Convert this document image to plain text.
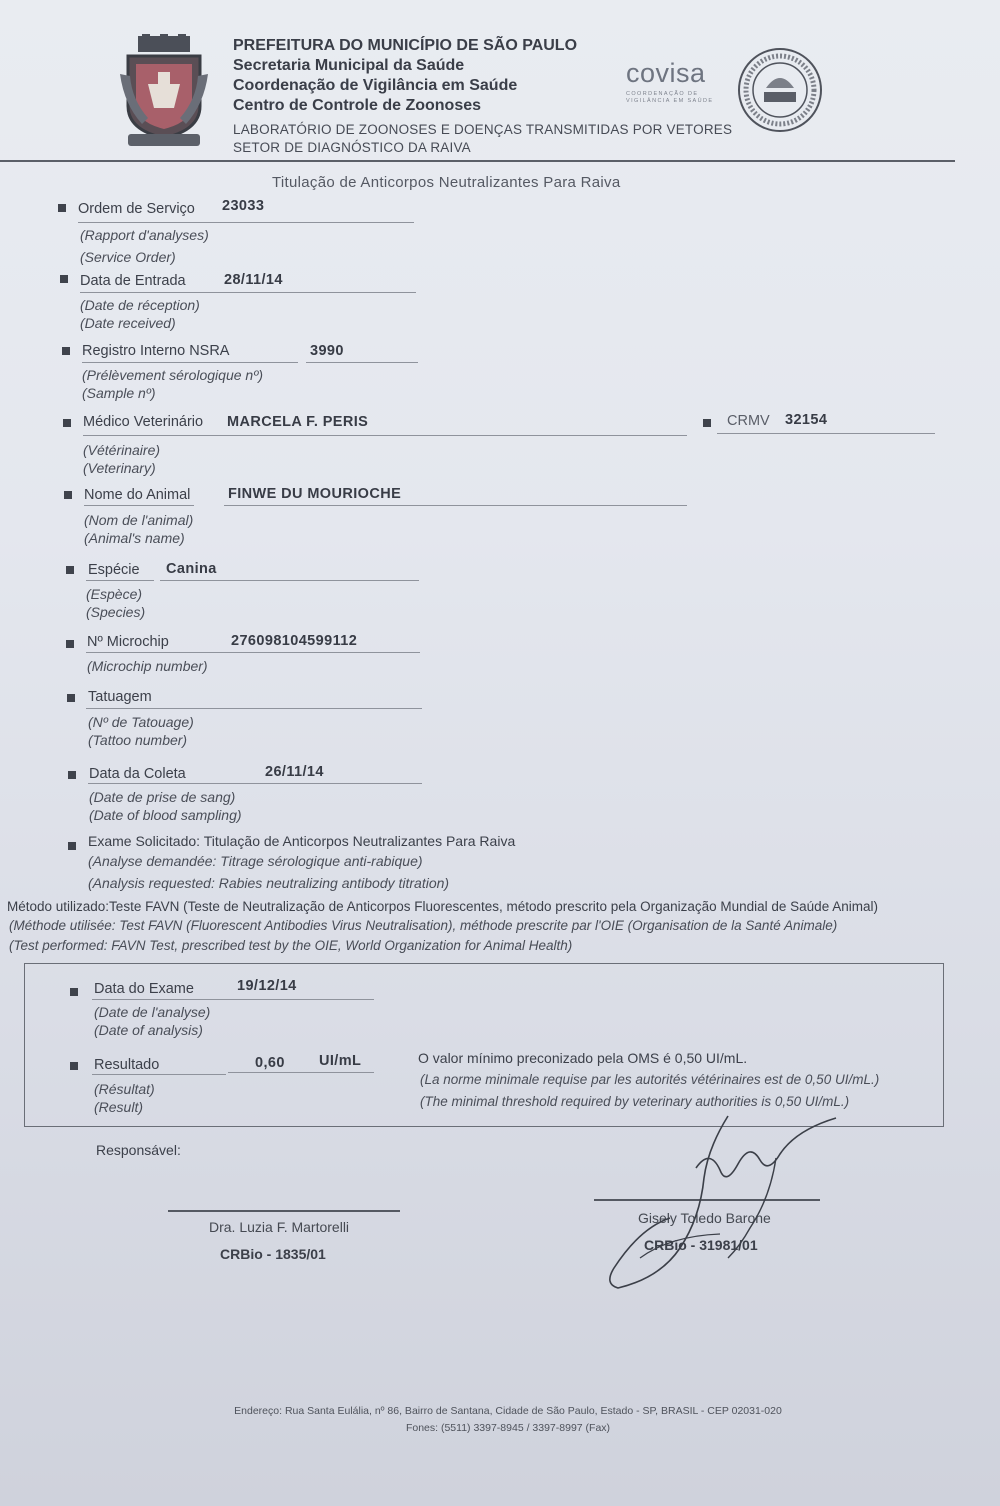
PREFEITURA DO MUNICÍPIO DE SÃO PAULO
Secretaria Municipal da Saúde
Coordenação de Vigilância em Saúde
Centro de Controle de Zoonoses
LABORATÓRIO DE ZOONOSES E DOENÇAS TRANSMITIDAS POR VETORES
SETOR DE DIAGNÓSTICO DA RAIVA
covisa
COORDENAÇÃO DE
VIGILÂNCIA EM SAÚDE
Titulação de Anticorpos Neutralizantes Para Raiva
Ordem de Serviço 23033
(Rapport d'analyses)
(Service Order)
Data de Entrada	28/11/14
(Date de réception)
(Date received)
Registro Interno NSRA	3990
(Prélèvement sérologique nº)
(Sample nº)
Médico Veterinário MARCELA F. PERIS
(Vétérinaire)
(Veterinary)
CRMV 32154
Nome do Animal	FINWE DU MOURIOCHE
(Nom de l'animal)
(Animal's name)
Espécie Canina
(Espèce)
(Species)
Nº Microchip	276098104599112
(Microchip number)
Tatuagem
(Nº de Tatouage)
(Tattoo number)
Data da Coleta	26/11/14
(Date de prise de sang)
(Date of blood sampling)
Exame Solicitado: Titulação de Anticorpos Neutralizantes Para Raiva
(Analyse demandée: Titrage sérologique anti-rabique)
(Analysis requested: Rabies neutralizing antibody titration)
Método utilizado:Teste FAVN (Teste de Neutralização de Anticorpos Fluorescentes, método prescrito pela Organização Mundial de Saúde Animal)
(Méthode utilisée: Test FAVN (Fluorescent Antibodies Virus Neutralisation), méthode prescrite par l'OIE (Organisation de la Santé Animale)
(Test performed: FAVN Test, prescribed test by the OIE, World Organization for Animal Health)
Data do Exame	19/12/14
(Date de l'analyse)
(Date of analysis)
Resultado	0,60 UI/mL
(Résultat)
(Result)
O valor mínimo preconizado pela OMS é 0,50 UI/mL.
(La norme minimale requise par les autorités vétérinaires est de 0,50 UI/mL.)
(The minimal threshold required by veterinary authorities is 0,50 UI/mL.)
Responsável:
Dra. Luzia F. Martorelli
CRBio - 1835/01
Gisely Toledo Barone
CRBio - 31981/01
Endereço: Rua Santa Eulália, nº 86, Bairro de Santana, Cidade de São Paulo, Estado - SP, BRASIL - CEP 02031-020
Fones: (5511) 3397-8945 / 3397-8997 (Fax)
